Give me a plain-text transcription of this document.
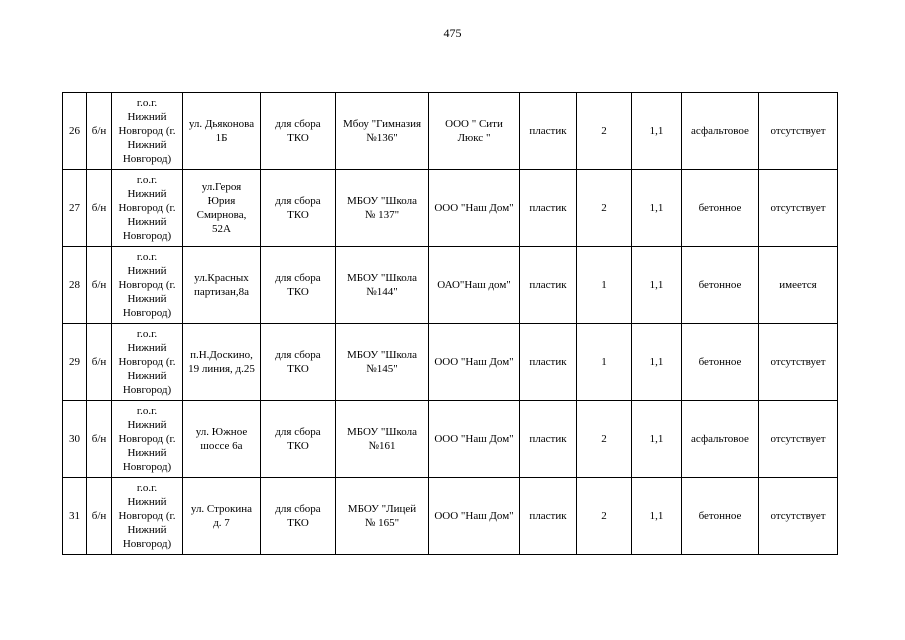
475
26	б/н	г.о.г.
Нижний
Новгород (г.
Нижний
Новгород)	ул. Дьяконова
1Б	для сбора
ТКО	Мбоу "Гимназия
№136"	ООО " Сити
Люкс "	пластик	2	1,1	асфальтовое	отсутствует
27	б/н	г.о.г.
Нижний
Новгород (г.
Нижний
Новгород)	ул.Героя
Юрия
Смирнова,
52А	для сбора
ТКО	МБОУ "Школа
№ 137"	ООО "Наш Дом"	пластик	2	1,1	бетонное	отсутствует
28	б/н	г.о.г.
Нижний
Новгород (г.
Нижний
Новгород)	ул.Красных
партизан,8а	для сбора
ТКО	МБОУ "Школа
№144"	ОАО"Наш дом"	пластик	1	1,1	бетонное	имеется
29	б/н	г.о.г.
Нижний
Новгород (г.
Нижний
Новгород)	п.Н.Доскино,
19 линия, д.25	для сбора
ТКО	МБОУ "Школа
№145"	ООО "Наш Дом"	пластик	1	1,1	бетонное	отсутствует
30	б/н	г.о.г.
Нижний
Новгород (г.
Нижний
Новгород)	ул. Южное
шоссе 6а	для сбора
ТКО	МБОУ "Школа
№161	ООО "Наш Дом"	пластик	2	1,1	асфальтовое	отсутствует
31	б/н	г.о.г.
Нижний
Новгород (г.
Нижний
Новгород)	ул. Строкина
д. 7	для сбора
ТКО	МБОУ "Лицей
№ 165"	ООО "Наш Дом"	пластик	2	1,1	бетонное	отсутствует
